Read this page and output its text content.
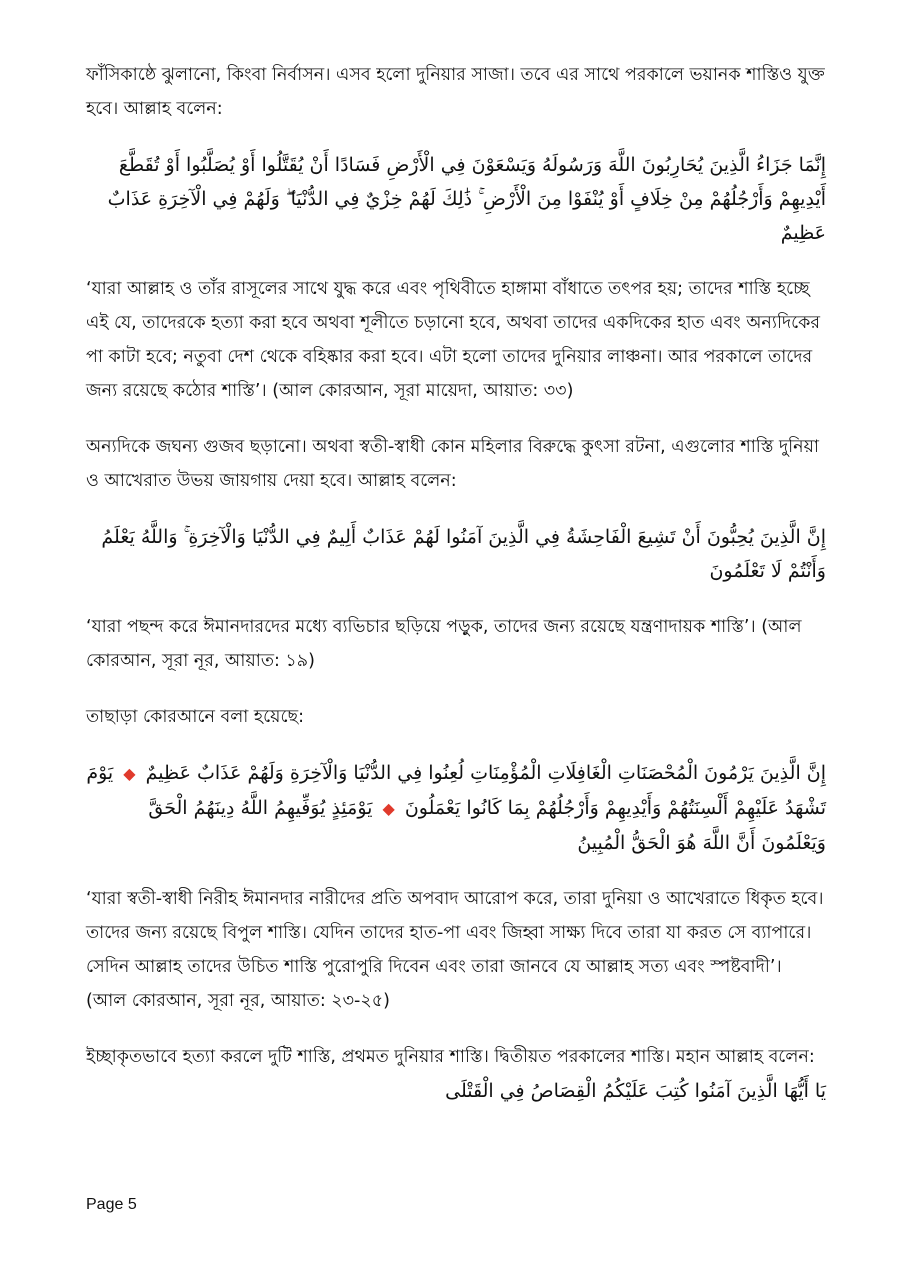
ফাঁসিকাষ্ঠে ঝুলানো, কিংবা নির্বাসন। এসব হলো দুনিয়ার সাজা। তবে এর সাথে পরকালে ভয়ানক শাস্তিও যুক্ত হবে। আল্লাহ বলেন:

إِنَّمَا جَزَاءُ الَّذِينَ يُحَارِبُونَ اللَّهَ وَرَسُولَهُ وَيَسْعَوْنَ فِي الْأَرْضِ فَسَادًا أَنْ يُقَتَّلُوا أَوْ يُصَلَّبُوا أَوْ تُقَطَّعَ أَيْدِيهِمْ وَأَرْجُلُهُمْ مِنْ خِلَافٍ أَوْ يُنْفَوْا مِنَ الْأَرْضِ ۚ ذَٰلِكَ لَهُمْ خِزْيٌ فِي الدُّنْيَا ۖ وَلَهُمْ فِي الْآخِرَةِ عَذَابٌ عَظِيمٌ

‘যারা আল্লাহ ও তাঁর রাসূলের সাথে যুদ্ধ করে এবং পৃথিবীতে হাঙ্গামা বাঁধাতে তৎপর হয়; তাদের শাস্তি হচ্ছে এই যে, তাদেরকে হত্যা করা হবে অথবা শূলীতে চড়ানো হবে, অথবা তাদের একদিকের হাত এবং অন্যদিকের পা কাটা হবে; নতুবা দেশ থেকে বহিষ্কার করা হবে। এটা হলো তাদের দুনিয়ার লাঞ্চনা। আর পরকালে তাদের জন্য রয়েছে কঠোর শাস্তি’। (আল কোরআন, সূরা মায়েদা, আয়াত: ৩৩)

অন্যদিকে জঘন্য গুজব ছড়ানো। অথবা স্বতী-স্বাধী কোন মহিলার বিরুদ্ধে কুৎসা রটনা, এগুলোর শাস্তি দুনিয়া ও আখেরাত উভয় জায়গায় দেয়া হবে। আল্লাহ বলেন:

إِنَّ الَّذِينَ يُحِبُّونَ أَنْ تَشِيعَ الْفَاحِشَةُ فِي الَّذِينَ آمَنُوا لَهُمْ عَذَابٌ أَلِيمٌ فِي الدُّنْيَا وَالْآخِرَةِ ۚ وَاللَّهُ يَعْلَمُ وَأَنْتُمْ لَا تَعْلَمُونَ

‘যারা পছন্দ করে ঈমানদারদের মধ্যে ব্যভিচার ছড়িয়ে পড়ুক, তাদের জন্য রয়েছে যন্ত্রণাদায়ক শাস্তি’। (আল কোরআন, সূরা নূর, আয়াত: ১৯)

তাছাড়া কোরআনে বলা হয়েছে:

إِنَّ الَّذِينَ يَرْمُونَ الْمُحْصَنَاتِ الْغَافِلَاتِ الْمُؤْمِنَاتِ لُعِنُوا فِي الدُّنْيَا وَالْآخِرَةِ وَلَهُمْ عَذَابٌ عَظِيمٌ ◆ يَوْمَ تَشْهَدُ عَلَيْهِمْ أَلْسِنَتُهُمْ وَأَيْدِيهِمْ وَأَرْجُلُهُمْ بِمَا كَانُوا يَعْمَلُونَ ◆ يَوْمَئِذٍ يُوَفِّيهِمُ اللَّهُ دِينَهُمُ الْحَقَّ وَيَعْلَمُونَ أَنَّ اللَّهَ هُوَ الْحَقُّ الْمُبِينُ

‘যারা স্বতী-স্বাধী নিরীহ ঈমানদার নারীদের প্রতি অপবাদ আরোপ করে, তারা দুনিয়া ও আখেরাতে ধিকৃত হবে। তাদের জন্য রয়েছে বিপুল শাস্তি। যেদিন তাদের হাত-পা এবং জিহ্বা সাক্ষ্য দিবে তারা যা করত সে ব্যাপারে। সেদিন আল্লাহ তাদের উচিত শাস্তি পুরোপুরি দিবেন এবং তারা জানবে যে আল্লাহ সত্য এবং স্পষ্টবাদী’। (আল কোরআন, সূরা নূর, আয়াত: ২৩-২৫)

ইচ্ছাকৃতভাবে হত্যা করলে দুটি শাস্তি, প্রথমত দুনিয়ার শাস্তি। দ্বিতীয়ত পরকালের শাস্তি। মহান আল্লাহ বলেন:

يَا أَيُّهَا الَّذِينَ آمَنُوا كُتِبَ عَلَيْكُمُ الْقِصَاصُ فِي الْقَتْلَى

Page 5
